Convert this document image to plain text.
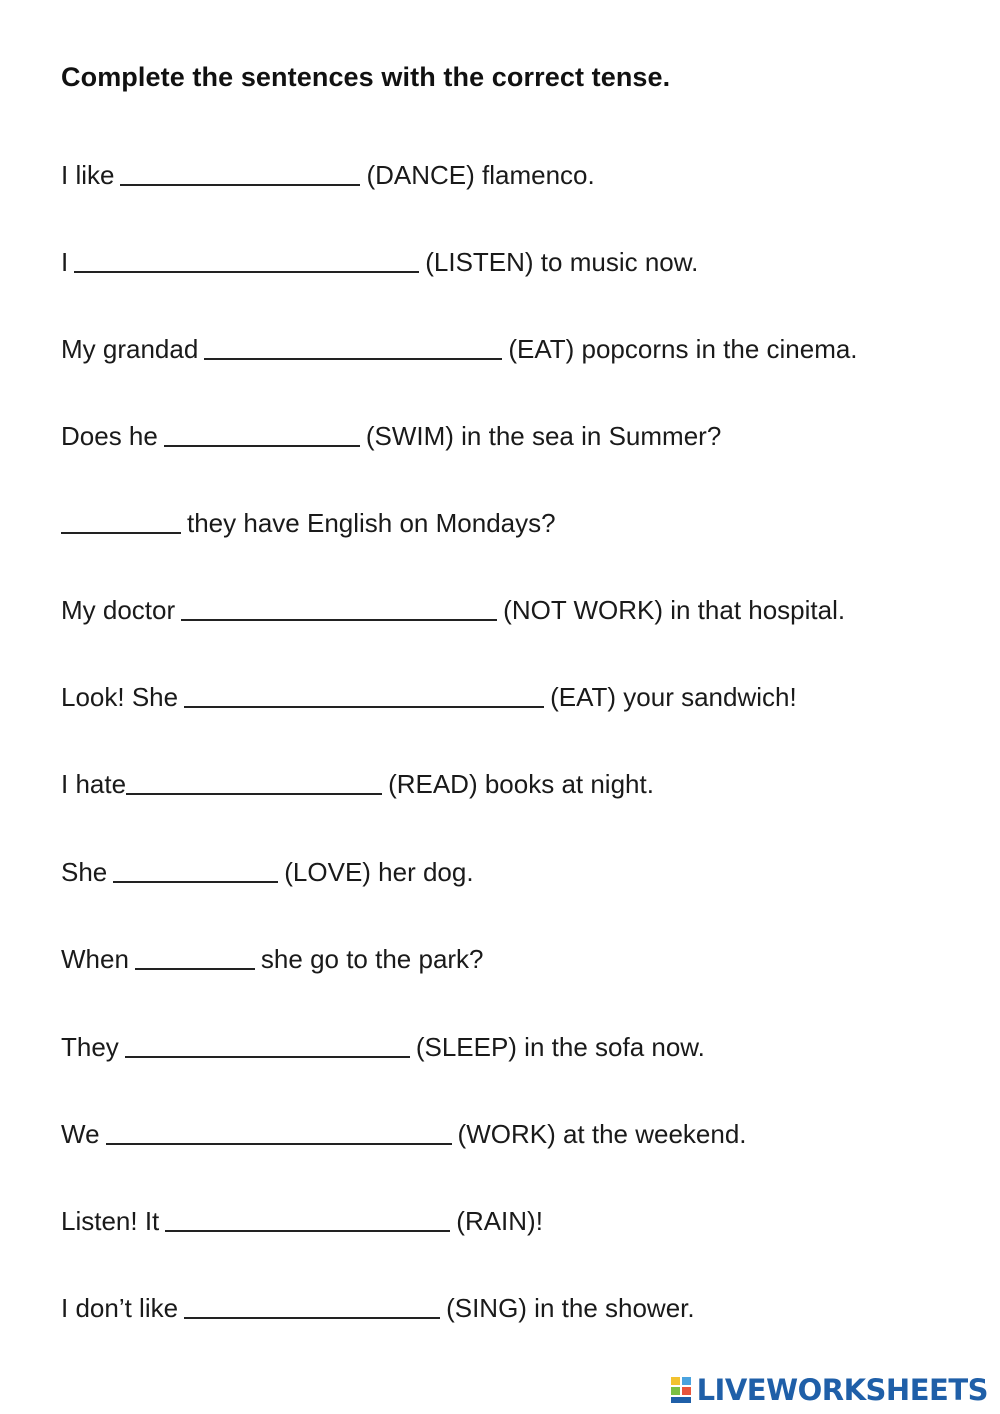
Complete the sentences with the correct tense.
I like	(DANCE) flamenco.
I	(LISTEN) to music now.
My grandad	(EAT) popcorns in the cinema.
Does he	(SWIM) in the sea in Summer?
they have English on Mondays?
My doctor	(NOT WORK) in that hospital.
Look! She	(EAT) your sandwich!
I hate	(READ) books at night.
She	(LOVE) her dog.
When	she go to the park?
They	(SLEEP) in the sofa now.
We	(WORK) at the weekend.
Listen! It	(RAIN)!
I don’t like	(SING) in the shower.
LIVEWORKSHEETS
